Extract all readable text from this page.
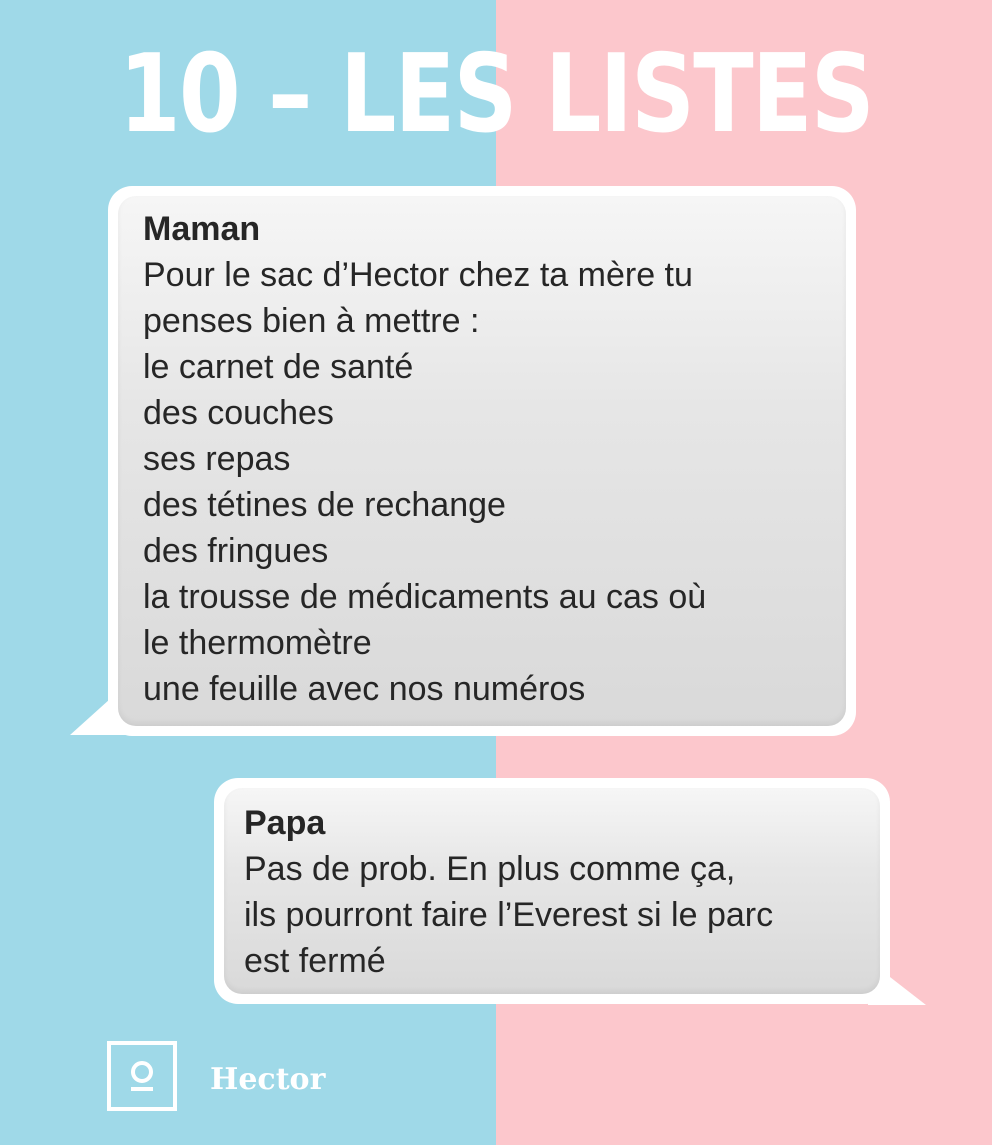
10 – LES LISTES
Maman
Pour le sac d’Hector chez ta mère tu
penses bien à mettre :
le carnet de santé
des couches
ses repas
des tétines de rechange
des fringues
la trousse de médicaments au cas où
le thermomètre
une feuille avec nos numéros
Papa
Pas de prob. En plus comme ça,
ils pourront faire l’Everest si le parc
est fermé
Hector
